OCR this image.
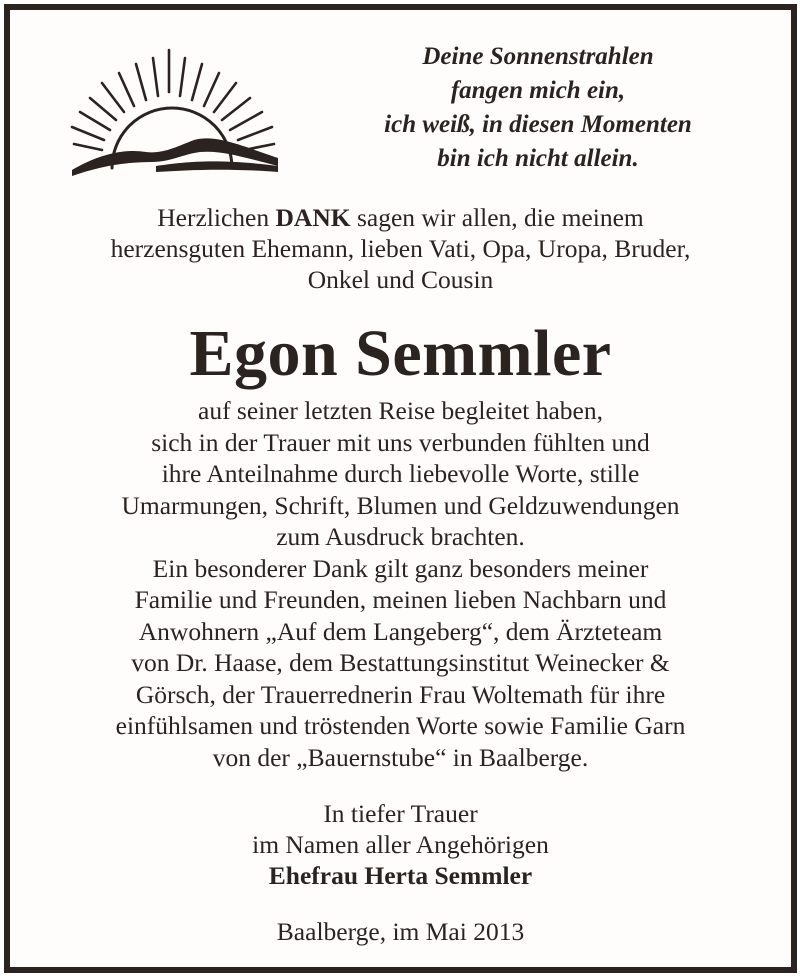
Deine Sonnenstrahlen
fangen mich ein,
ich weiß, in diesen Momenten
bin ich nicht allein.
Herzlichen DANK sagen wir allen, die meinem
herzensguten Ehemann, lieben Vati, Opa, Uropa, Bruder,
Onkel und Cousin
Egon Semmler
auf seiner letzten Reise begleitet haben,
sich in der Trauer mit uns verbunden fühlten und
ihre Anteilnahme durch liebevolle Worte, stille
Umarmungen, Schrift, Blumen und Geldzuwendungen
zum Ausdruck brachten.
Ein besonderer Dank gilt ganz besonders meiner
Familie und Freunden, meinen lieben Nachbarn und
Anwohnern „Auf dem Langeberg“, dem Ärzteteam
von Dr. Haase, dem Bestattungsinstitut Weinecker &
Görsch, der Trauerrednerin Frau Woltemath für ihre
einfühlsamen und tröstenden Worte sowie Familie Garn
von der „Bauernstube“ in Baalberge.
In tiefer Trauer
im Namen aller Angehörigen
Ehefrau Herta Semmler
Baalberge, im Mai 2013
